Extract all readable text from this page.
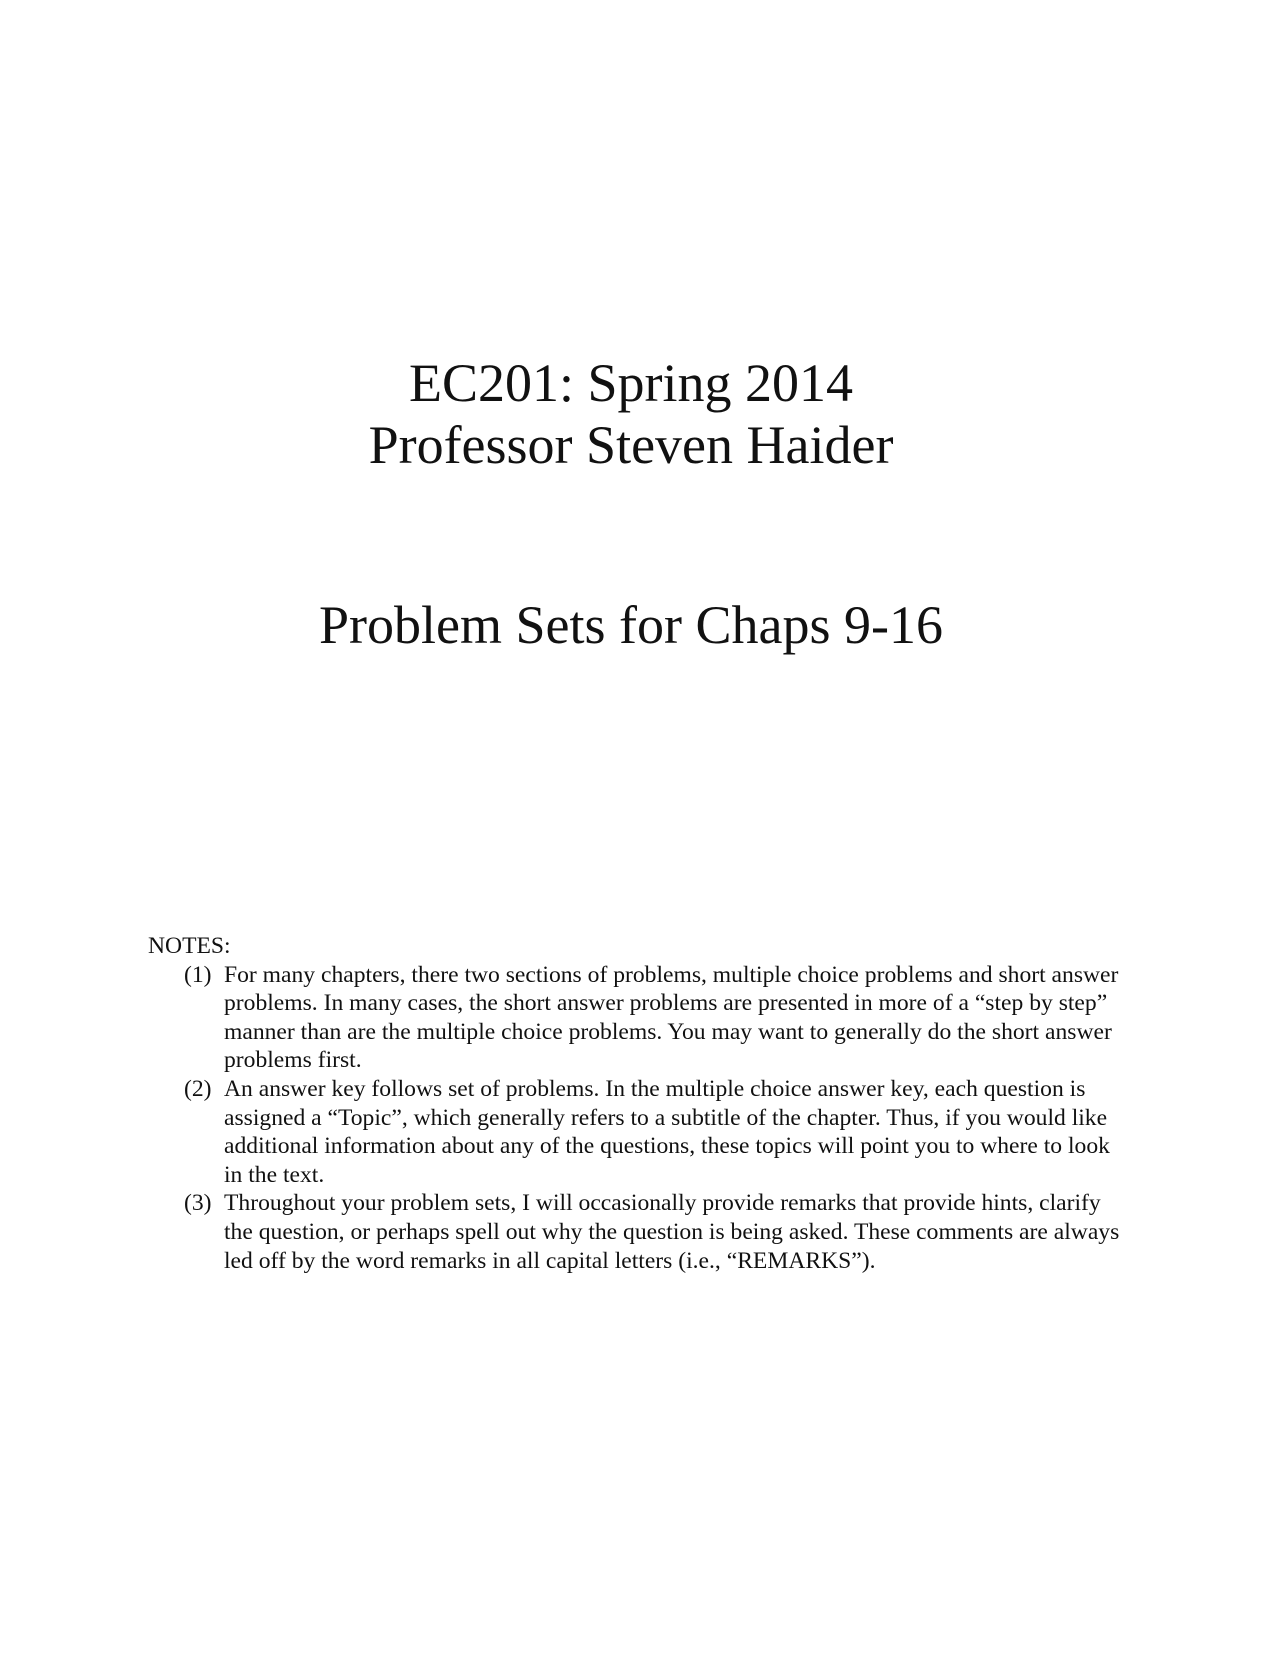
EC201: Spring 2014
Professor Steven Haider
Problem Sets for Chaps 9-16
NOTES:
(1) For many chapters, there two sections of problems, multiple choice problems and short answer problems. In many cases, the short answer problems are presented in more of a “step by step” manner than are the multiple choice problems. You may want to generally do the short answer problems first.
(2) An answer key follows set of problems. In the multiple choice answer key, each question is assigned a “Topic”, which generally refers to a subtitle of the chapter. Thus, if you would like additional information about any of the questions, these topics will point you to where to look in the text.
(3) Throughout your problem sets, I will occasionally provide remarks that provide hints, clarify the question, or perhaps spell out why the question is being asked. These comments are always led off by the word remarks in all capital letters (i.e., “REMARKS”).
